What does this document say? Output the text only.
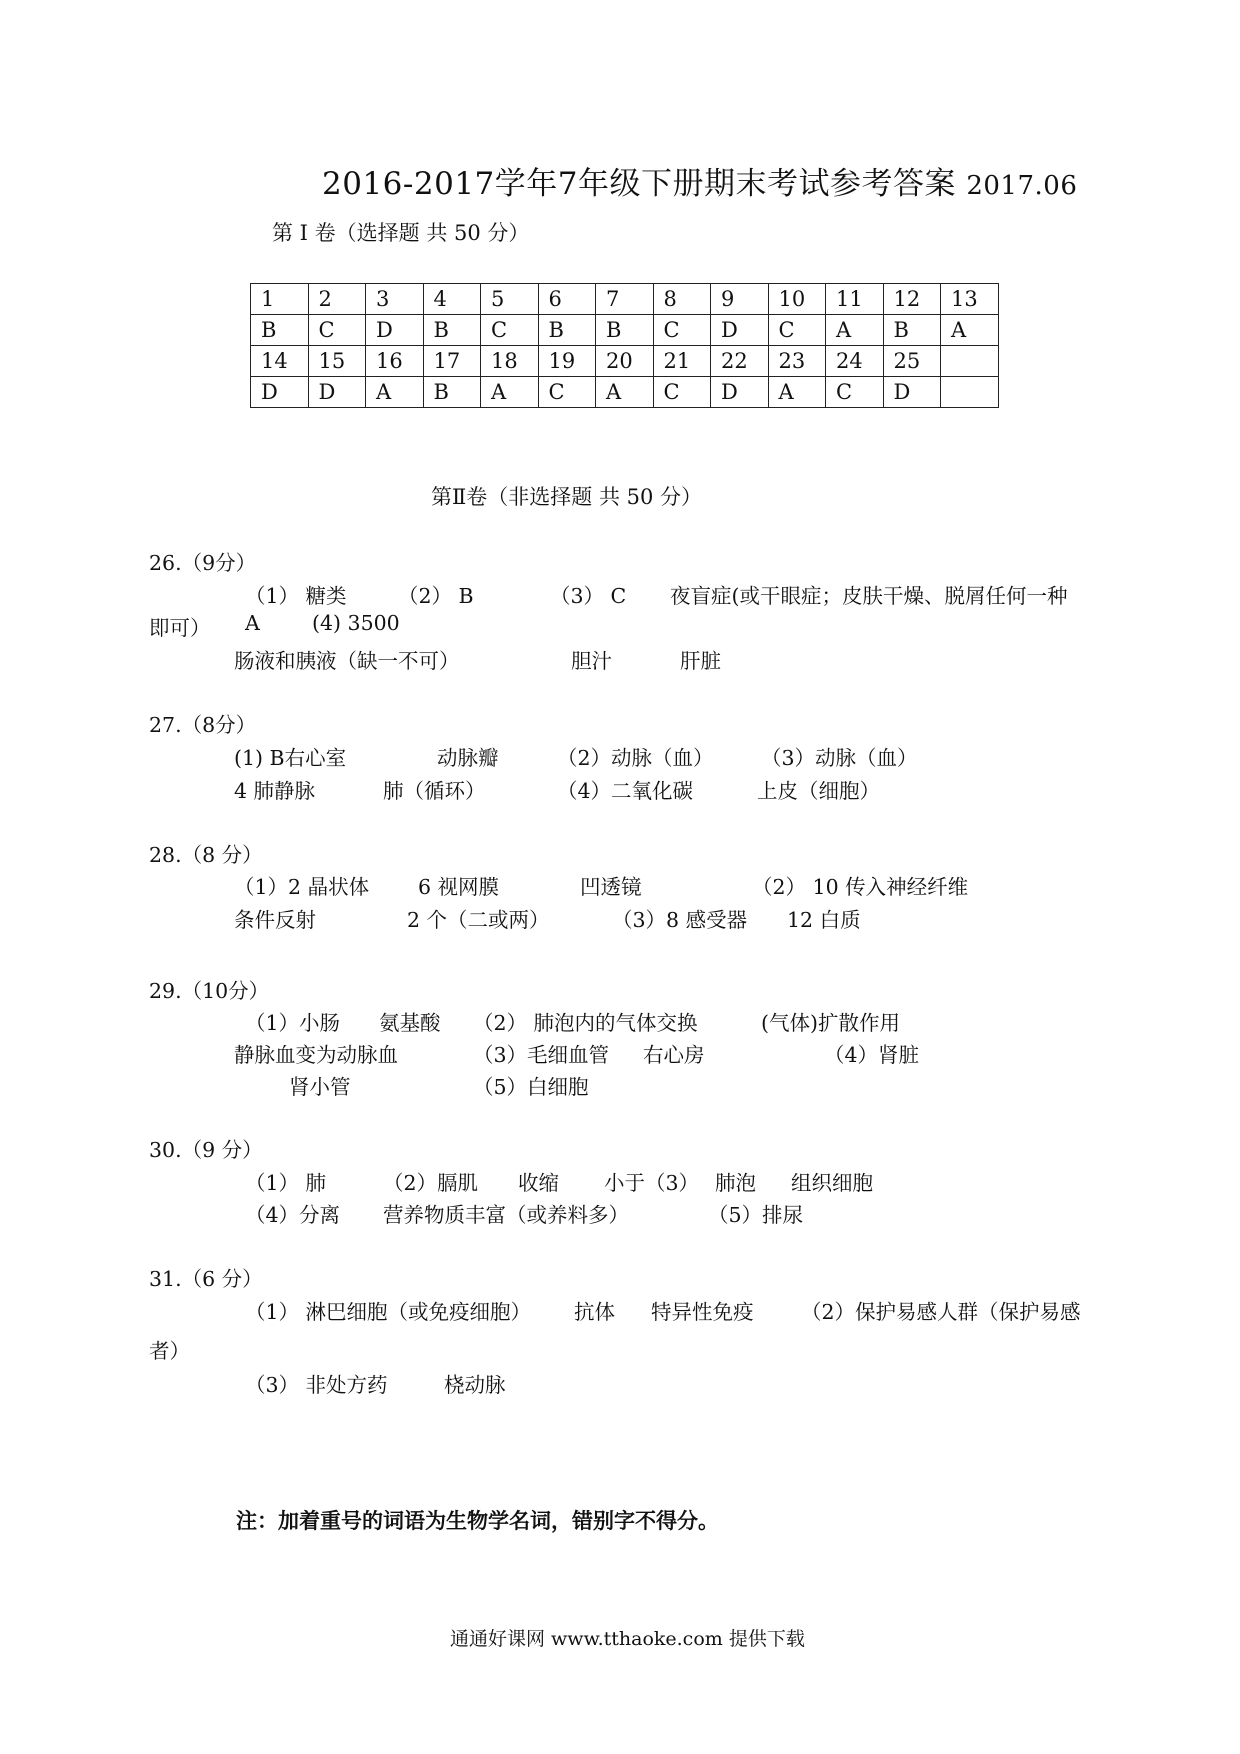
2016-2017学年7年级下册期末考试参考答案 2017.06
第 I 卷（选择题 共 50 分）
1	2	3	4	5	6	7	8	9	10	11	12	13
B	C	D	B	C	B	B	C	D	C	A	B	A
14	15	16	17	18	19	20	21	22	23	24	25	
D	D	A	B	A	C	A	C	D	A	C	D	
第Ⅱ卷（非选择题 共 50 分）
26.（9分）
（1） 糖类	（2） B	（3） C 夜盲症(或干眼症；皮肤干燥、脱屑任何一种
即可） A	(4) 3500
肠液和胰液（缺一不可）	胆汁	肝脏
27.（8分）
(1) B右心室	动脉瓣	（2）动脉（血） （3）动脉（血）
4 肺静脉	肺（循环）	（4）二氧化碳	上皮（细胞）
28.（8 分）
（1）2 晶状体 6 视网膜	凹透镜	（2） 10 传入神经纤维
条件反射	2 个（二或两）	（3）8 感受器 12 白质
29.（10分）
（1）小肠 氨基酸 （2） 肺泡内的气体交换	(气体)扩散作用
静脉血变为动脉血	（3）毛细血管 右心房	（4）肾脏
肾小管	（5）白细胞
30.（9 分）
（1） 肺	（2）膈肌 收缩 小于（3） 肺泡 组织细胞
（4）分离 营养物质丰富（或养料多）	（5）排尿
31.（6 分）
（1） 淋巴细胞（或免疫细胞） 抗体 特异性免疫 （2）保护易感人群（保护易感
者）
（3） 非处方药	桡动脉
注：加着重号的词语为生物学名词，错别字不得分。
通通好课网 www.tthaoke.com 提供下载
